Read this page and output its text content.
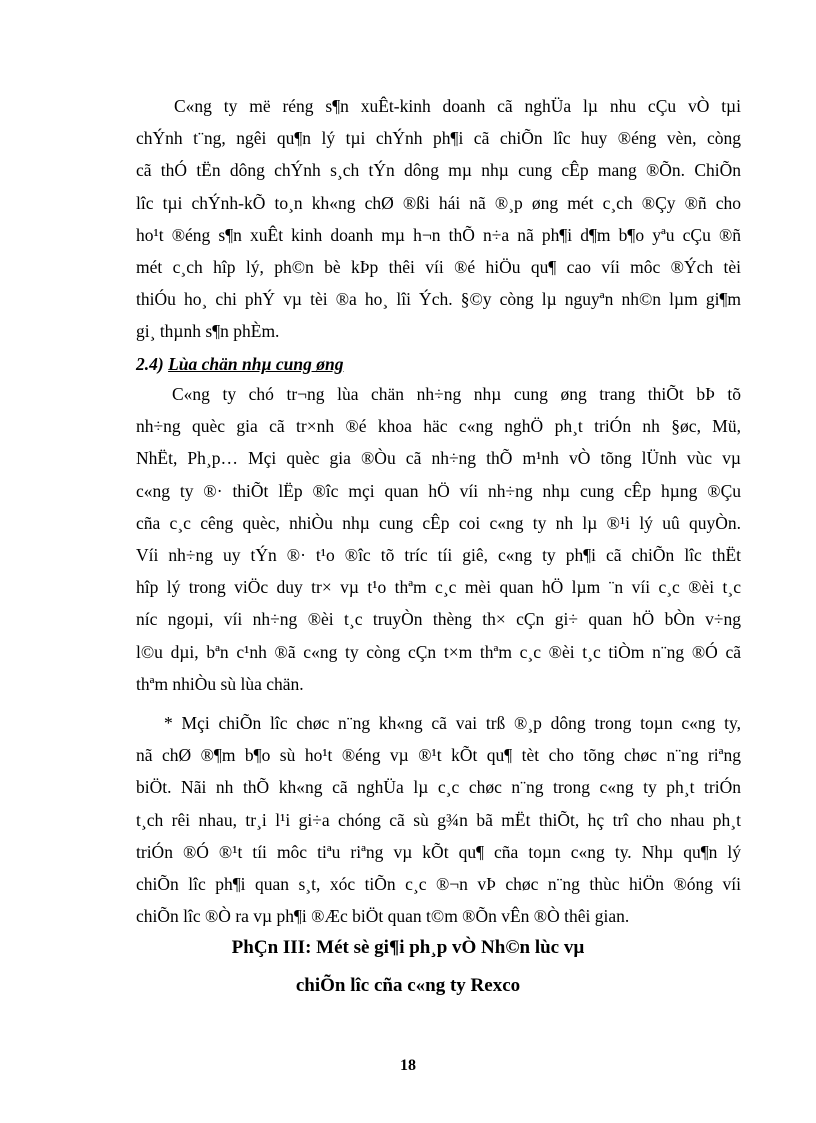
C«ng ty më réng s¶n xuÊt-kinh doanh cã nghÜa lµ nhu cÇu vÒ tµi
chÝnh t¨ng, ngêi qu¶n lý tµi chÝnh ph¶i cã chiÕn lîc huy ®éng vèn, còng
cã thÓ tËn dông chÝnh s¸ch tÝn dông mµ nhµ cung cÊp mang ®Õn. ChiÕn
lîc tµi chÝnh-kÕ to¸n kh«ng chØ ®ßi hái nã ®¸p øng mét c¸ch ®Çy ®ñ cho
ho¹t ®éng s¶n xuÊt kinh doanh mµ h¬n thÕ n÷a nã ph¶i d¶m b¶o yªu cÇu ®ñ
mét c¸ch hîp lý, ph©n bè kÞp thêi víi ®é hiÖu qu¶ cao víi môc ®Ých tèi
thiÓu ho¸ chi phÝ vµ tèi ®a ho¸ lîi Ých. §©y còng lµ nguyªn nh©n lµm gi¶m
gi¸ thµnh s¶n phÈm.
2.4) Lùa chän nhµ cung øng
C«ng ty chó tr¬ng lùa chän nh÷ng nhµ cung øng trang thiÕt bÞ tõ
nh÷ng quèc gia cã tr×nh ®é khoa häc c«ng nghÖ ph¸t triÓn nh §øc, Mü,
NhËt, Ph¸p… Mçi quèc gia ®Òu cã nh÷ng thÕ m¹nh vÒ tõng lÜnh vùc vµ
c«ng ty ®· thiÕt lËp ®îc mçi quan hÖ víi nh÷ng nhµ cung cÊp hµng ®Çu
cña c¸c cêng quèc, nhiÒu nhµ cung cÊp coi c«ng ty nh lµ ®¹i lý uû quyÒn.
Víi nh÷ng uy tÝn ®· t¹o ®îc tõ tríc tíi giê, c«ng ty ph¶i cã chiÕn lîc thËt
hîp lý trong viÖc duy tr× vµ t¹o thªm c¸c mèi quan hÖ lµm ¨n víi c¸c ®èi t¸c
níc ngoµi, víi nh÷ng ®èi t¸c truyÒn thèng th× cÇn gi÷ quan hÖ bÒn v÷ng
l©u dµi, bªn c¹nh ®ã c«ng ty còng cÇn t×m thªm c¸c ®èi t¸c tiÒm n¨ng ®Ó cã
thªm nhiÒu sù lùa chän.
* Mçi chiÕn lîc chøc n¨ng kh«ng cã vai trß ®¸p dông trong toµn c«ng ty,
nã chØ ®¶m b¶o sù ho¹t ®éng vµ ®¹t kÕt qu¶ tèt cho tõng chøc n¨ng riªng
biÖt. Nãi nh thÕ kh«ng cã nghÜa lµ c¸c chøc n¨ng trong c«ng ty ph¸t triÓn
t¸ch rêi nhau, tr¸i l¹i gi÷a chóng cã sù g¾n bã mËt thiÕt, hç trî cho nhau ph¸t
triÓn ®Ó ®¹t tíi môc tiªu riªng vµ kÕt qu¶ cña toµn c«ng ty. Nhµ qu¶n lý
chiÕn lîc ph¶i quan s¸t, xóc tiÕn c¸c ®¬n vÞ chøc n¨ng thùc hiÖn ®óng víi
chiÕn lîc ®Ò ra vµ ph¶i ®Æc biÖt quan t©m ®Õn vÊn ®Ò thêi gian.
PhÇn III: Mét sè gi¶i ph¸p vÒ Nh©n lùc vµ
chiÕn lîc cña c«ng ty Rexco
18
